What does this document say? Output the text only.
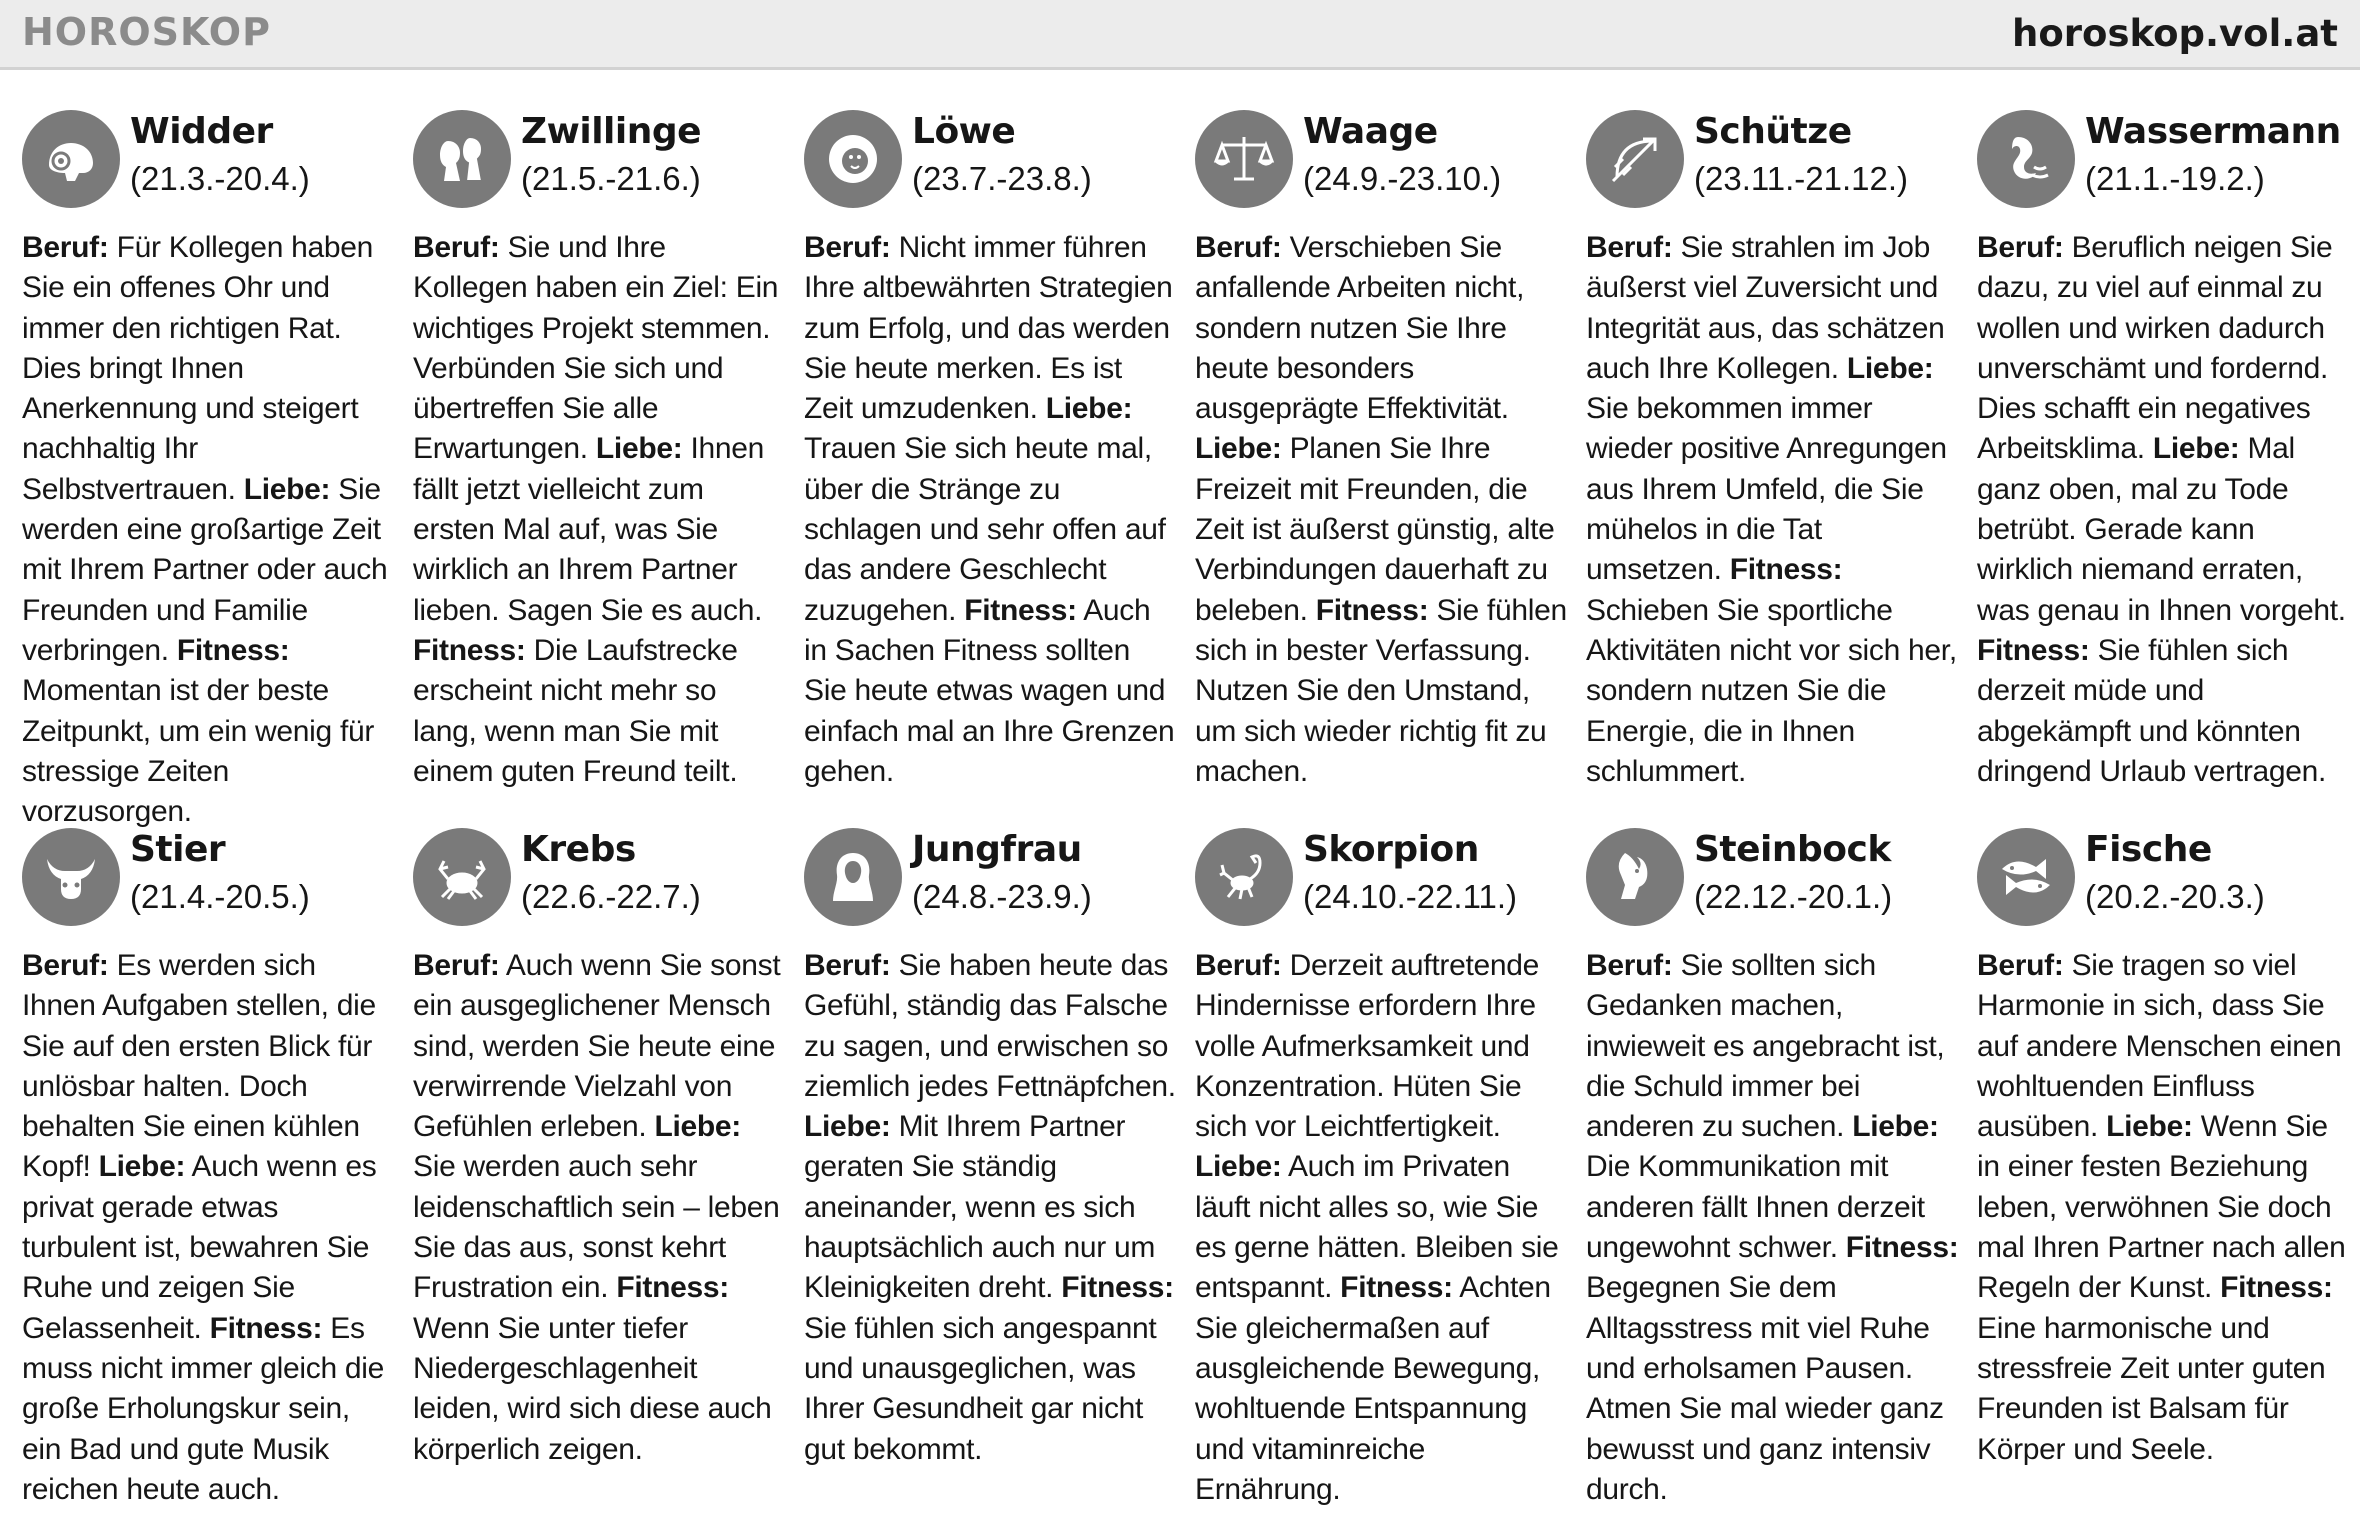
HOROSKOP	horoskop.vol.at
Widder
(21.3.-20.4.)
Beruf: Für Kollegen haben Sie ein offenes Ohr und immer den richtigen Rat. Dies bringt Ihnen Anerkennung und steigert nachhaltig Ihr Selbstvertrauen. Liebe: Sie werden eine großartige Zeit mit Ihrem Partner oder auch Freunden und Familie verbringen. Fitness: Momentan ist der beste Zeitpunkt, um ein wenig für stressige Zeiten vorzusorgen.
Zwillinge
(21.5.-21.6.)
Beruf: Sie und Ihre Kollegen haben ein Ziel: Ein wichtiges Projekt stemmen. Verbünden Sie sich und übertreffen Sie alle Erwartungen. Liebe: Ihnen fällt jetzt vielleicht zum ersten Mal auf, was Sie wirklich an Ihrem Partner lieben. Sagen Sie es auch. Fitness: Die Laufstrecke erscheint nicht mehr so lang, wenn man Sie mit einem guten Freund teilt.
Löwe
(23.7.-23.8.)
Beruf: Nicht immer führen Ihre altbewährten Strategien zum Erfolg, und das werden Sie heute merken. Es ist Zeit umzudenken. Liebe: Trauen Sie sich heute mal, über die Stränge zu schlagen und sehr offen auf das andere Geschlecht zuzugehen. Fitness: Auch in Sachen Fitness sollten Sie heute etwas wagen und einfach mal an Ihre Grenzen gehen.
Waage
(24.9.-23.10.)
Beruf: Verschieben Sie anfallende Arbeiten nicht, sondern nutzen Sie Ihre heute besonders ausgeprägte Effektivität. Liebe: Planen Sie Ihre Freizeit mit Freunden, die Zeit ist äußerst günstig, alte Verbindungen dauerhaft zu beleben. Fitness: Sie fühlen sich in bester Verfassung. Nutzen Sie den Umstand, um sich wieder richtig fit zu machen.
Schütze
(23.11.-21.12.)
Beruf: Sie strahlen im Job äußerst viel Zuversicht und Integrität aus, das schätzen auch Ihre Kollegen. Liebe: Sie bekommen immer wieder positive Anregungen aus Ihrem Umfeld, die Sie mühelos in die Tat umsetzen. Fitness: Schieben Sie sportliche Aktivitäten nicht vor sich her, sondern nutzen Sie die Energie, die in Ihnen schlummert.
Wassermann
(21.1.-19.2.)
Beruf: Beruflich neigen Sie dazu, zu viel auf einmal zu wollen und wirken dadurch unverschämt und fordernd. Dies schafft ein negatives Arbeitsklima. Liebe: Mal ganz oben, mal zu Tode betrübt. Gerade kann wirklich niemand erraten, was genau in Ihnen vorgeht. Fitness: Sie fühlen sich derzeit müde und abgekämpft und könnten dringend Urlaub vertragen.
Stier
(21.4.-20.5.)
Beruf: Es werden sich Ihnen Aufgaben stellen, die Sie auf den ersten Blick für unlösbar halten. Doch behalten Sie einen kühlen Kopf! Liebe: Auch wenn es privat gerade etwas turbulent ist, bewahren Sie Ruhe und zeigen Sie Gelassenheit. Fitness: Es muss nicht immer gleich die große Erholungskur sein, ein Bad und gute Musik reichen heute auch.
Krebs
(22.6.-22.7.)
Beruf: Auch wenn Sie sonst ein ausgeglichener Mensch sind, werden Sie heute eine verwirrende Vielzahl von Gefühlen erleben. Liebe: Sie werden auch sehr leidenschaftlich sein – leben Sie das aus, sonst kehrt Frustration ein. Fitness: Wenn Sie unter tiefer Niedergeschlagenheit leiden, wird sich diese auch körperlich zeigen.
Jungfrau
(24.8.-23.9.)
Beruf: Sie haben heute das Gefühl, ständig das Falsche zu sagen, und erwischen so ziemlich jedes Fettnäpfchen. Liebe: Mit Ihrem Partner geraten Sie ständig aneinander, wenn es sich hauptsächlich auch nur um Kleinigkeiten dreht. Fitness: Sie fühlen sich angespannt und unausgeglichen, was Ihrer Gesundheit gar nicht gut bekommt.
Skorpion
(24.10.-22.11.)
Beruf: Derzeit auftretende Hindernisse erfordern Ihre volle Aufmerksamkeit und Konzentration. Hüten Sie sich vor Leichtfertigkeit. Liebe: Auch im Privaten läuft nicht alles so, wie Sie es gerne hätten. Bleiben sie entspannt. Fitness: Achten Sie gleichermaßen auf ausgleichende Bewegung, wohltuende Entspannung und vitaminreiche Ernährung.
Steinbock
(22.12.-20.1.)
Beruf: Sie sollten sich Gedanken machen, inwieweit es angebracht ist, die Schuld immer bei anderen zu suchen. Liebe: Die Kommunikation mit anderen fällt Ihnen derzeit ungewohnt schwer. Fitness: Begegnen Sie dem Alltagsstress mit viel Ruhe und erholsamen Pausen. Atmen Sie mal wieder ganz bewusst und ganz intensiv durch.
Fische
(20.2.-20.3.)
Beruf: Sie tragen so viel Harmonie in sich, dass Sie auf andere Menschen einen wohltuenden Einfluss ausüben. Liebe: Wenn Sie in einer festen Beziehung leben, verwöhnen Sie doch mal Ihren Partner nach allen Regeln der Kunst. Fitness: Eine harmonische und stressfreie Zeit unter guten Freunden ist Balsam für Körper und Seele.
